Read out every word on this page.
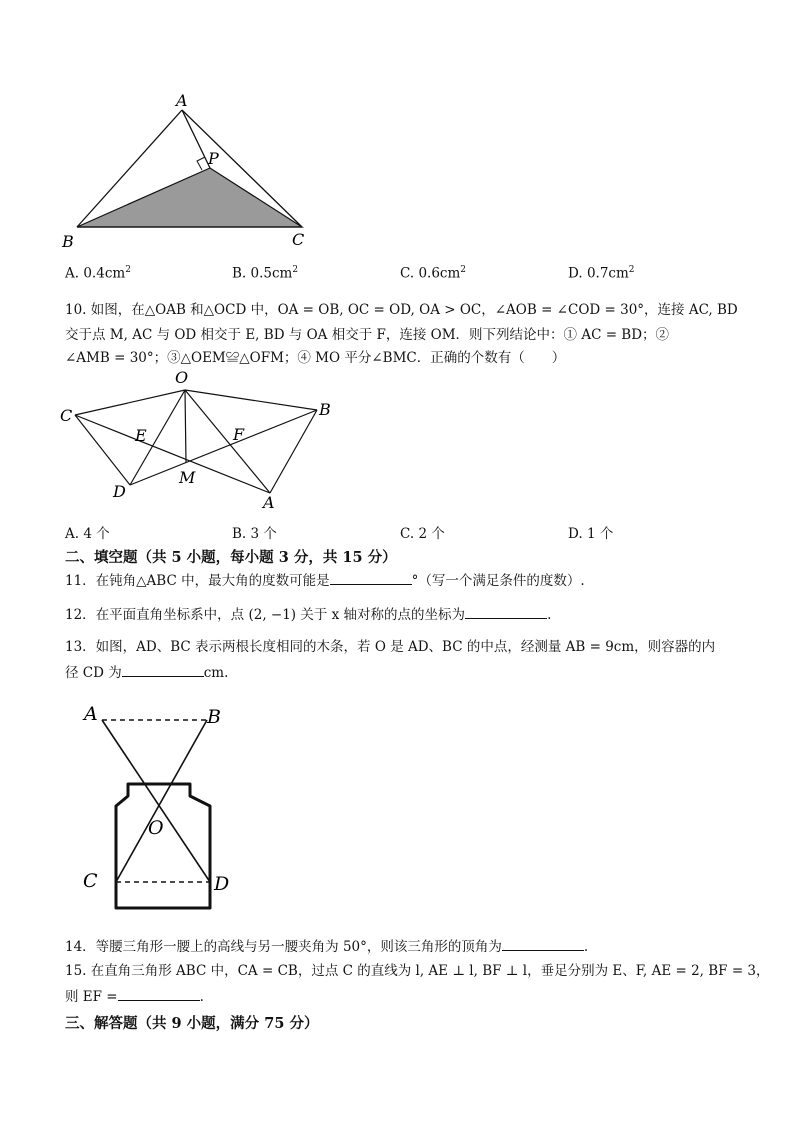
A
P
B	C
A. $0.4cm^2$	B. $0.5cm^2$	C. $0.6cm^2$	D. $0.7cm^2$
10. 如图，在△OAB 和△OCD 中，OA = OB, OC = OD, OA > OC，∠AOB = ∠COD = 30°，连接 AC, BD
交于点 M, AC 与 OD 相交于 E, BD 与 OA 相交于 F，连接 OM．则下列结论中：① AC = BD；②
∠AMB = 30°；③△OEM≌△OFM；④ MO 平分∠BMC．正确的个数有（　　）
O
C	B
E	F
M
D
A
A. 4 个	B. 3 个	C. 2 个	D. 1 个
二、填空题（共 5 小题，每小题 3 分，共 15 分）
11．在钝角△ABC 中，最大角的度数可能是	°（写一个满足条件的度数）.
12．在平面直角坐标系中，点 (2, −1) 关于 x 轴对称的点的坐标为	.
13．如图，AD、BC 表示两根长度相同的木条，若 O 是 AD、BC 的中点，经测量 AB = 9cm，则容器的内
径 CD 为	cm.
A	B
O
C	D
14．等腰三角形一腰上的高线与另一腰夹角为 50°，则该三角形的顶角为	.
15. 在直角三角形 ABC 中，CA = CB，过点 C 的直线为 l, AE ⊥ l, BF ⊥ l，垂足分别为 E、F, AE = 2, BF = 3，
则 EF =	.
三、解答题（共 9 小题，满分 75 分）
